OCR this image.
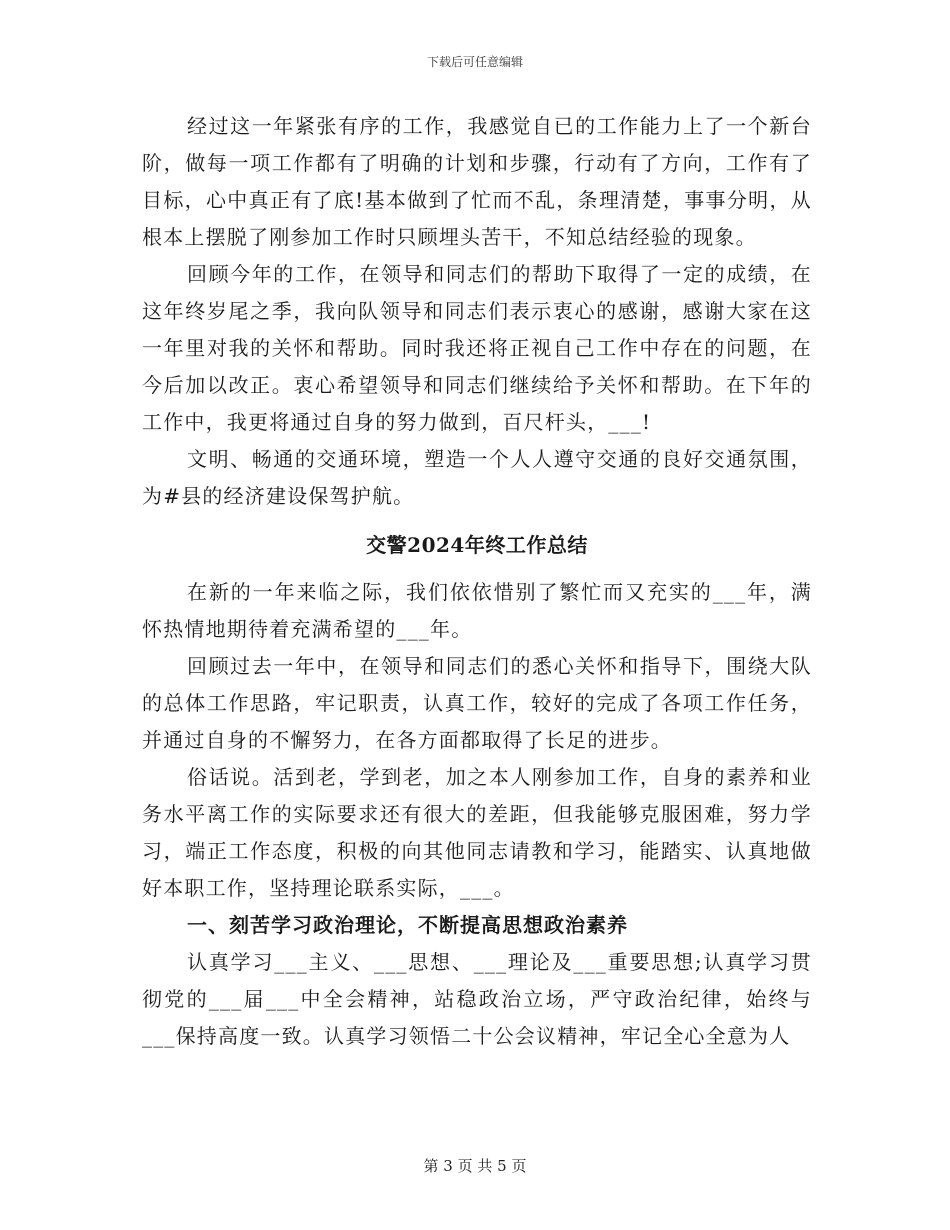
下载后可任意编辑

经过这一年紧张有序的工作，我感觉自已的工作能力上了一个新台阶，做每一项工作都有了明确的计划和步骤，行动有了方向，工作有了目标，心中真正有了底!基本做到了忙而不乱，条理清楚，事事分明，从根本上摆脱了刚参加工作时只顾埋头苦干，不知总结经验的现象。

回顾今年的工作，在领导和同志们的帮助下取得了一定的成绩，在这年终岁尾之季，我向队领导和同志们表示衷心的感谢，感谢大家在这一年里对我的关怀和帮助。同时我还将正视自己工作中存在的问题，在今后加以改正。衷心希望领导和同志们继续给予关怀和帮助。在下年的工作中，我更将通过自身的努力做到，百尺杆头，___!

文明、畅通的交通环境，塑造一个人人遵守交通的良好交通氛围，为#县的经济建设保驾护航。

交警2024年终工作总结

在新的一年来临之际，我们依依惜别了繁忙而又充实的___年，满怀热情地期待着充满希望的___年。

回顾过去一年中，在领导和同志们的悉心关怀和指导下，围绕大队的总体工作思路，牢记职责，认真工作，较好的完成了各项工作任务，并通过自身的不懈努力，在各方面都取得了长足的进步。

俗话说。活到老，学到老，加之本人刚参加工作，自身的素养和业务水平离工作的实际要求还有很大的差距，但我能够克服困难，努力学习，端正工作态度，积极的向其他同志请教和学习，能踏实、认真地做好本职工作，坚持理论联系实际，___。

一、刻苦学习政治理论，不断提高思想政治素养

认真学习___主义、___思想、___理论及___重要思想;认真学习贯彻党的___届___中全会精神，站稳政治立场，严守政治纪律，始终与___保持高度一致。认真学习领悟二十公会议精神，牢记全心全意为人

第 3 页 共 5 页
